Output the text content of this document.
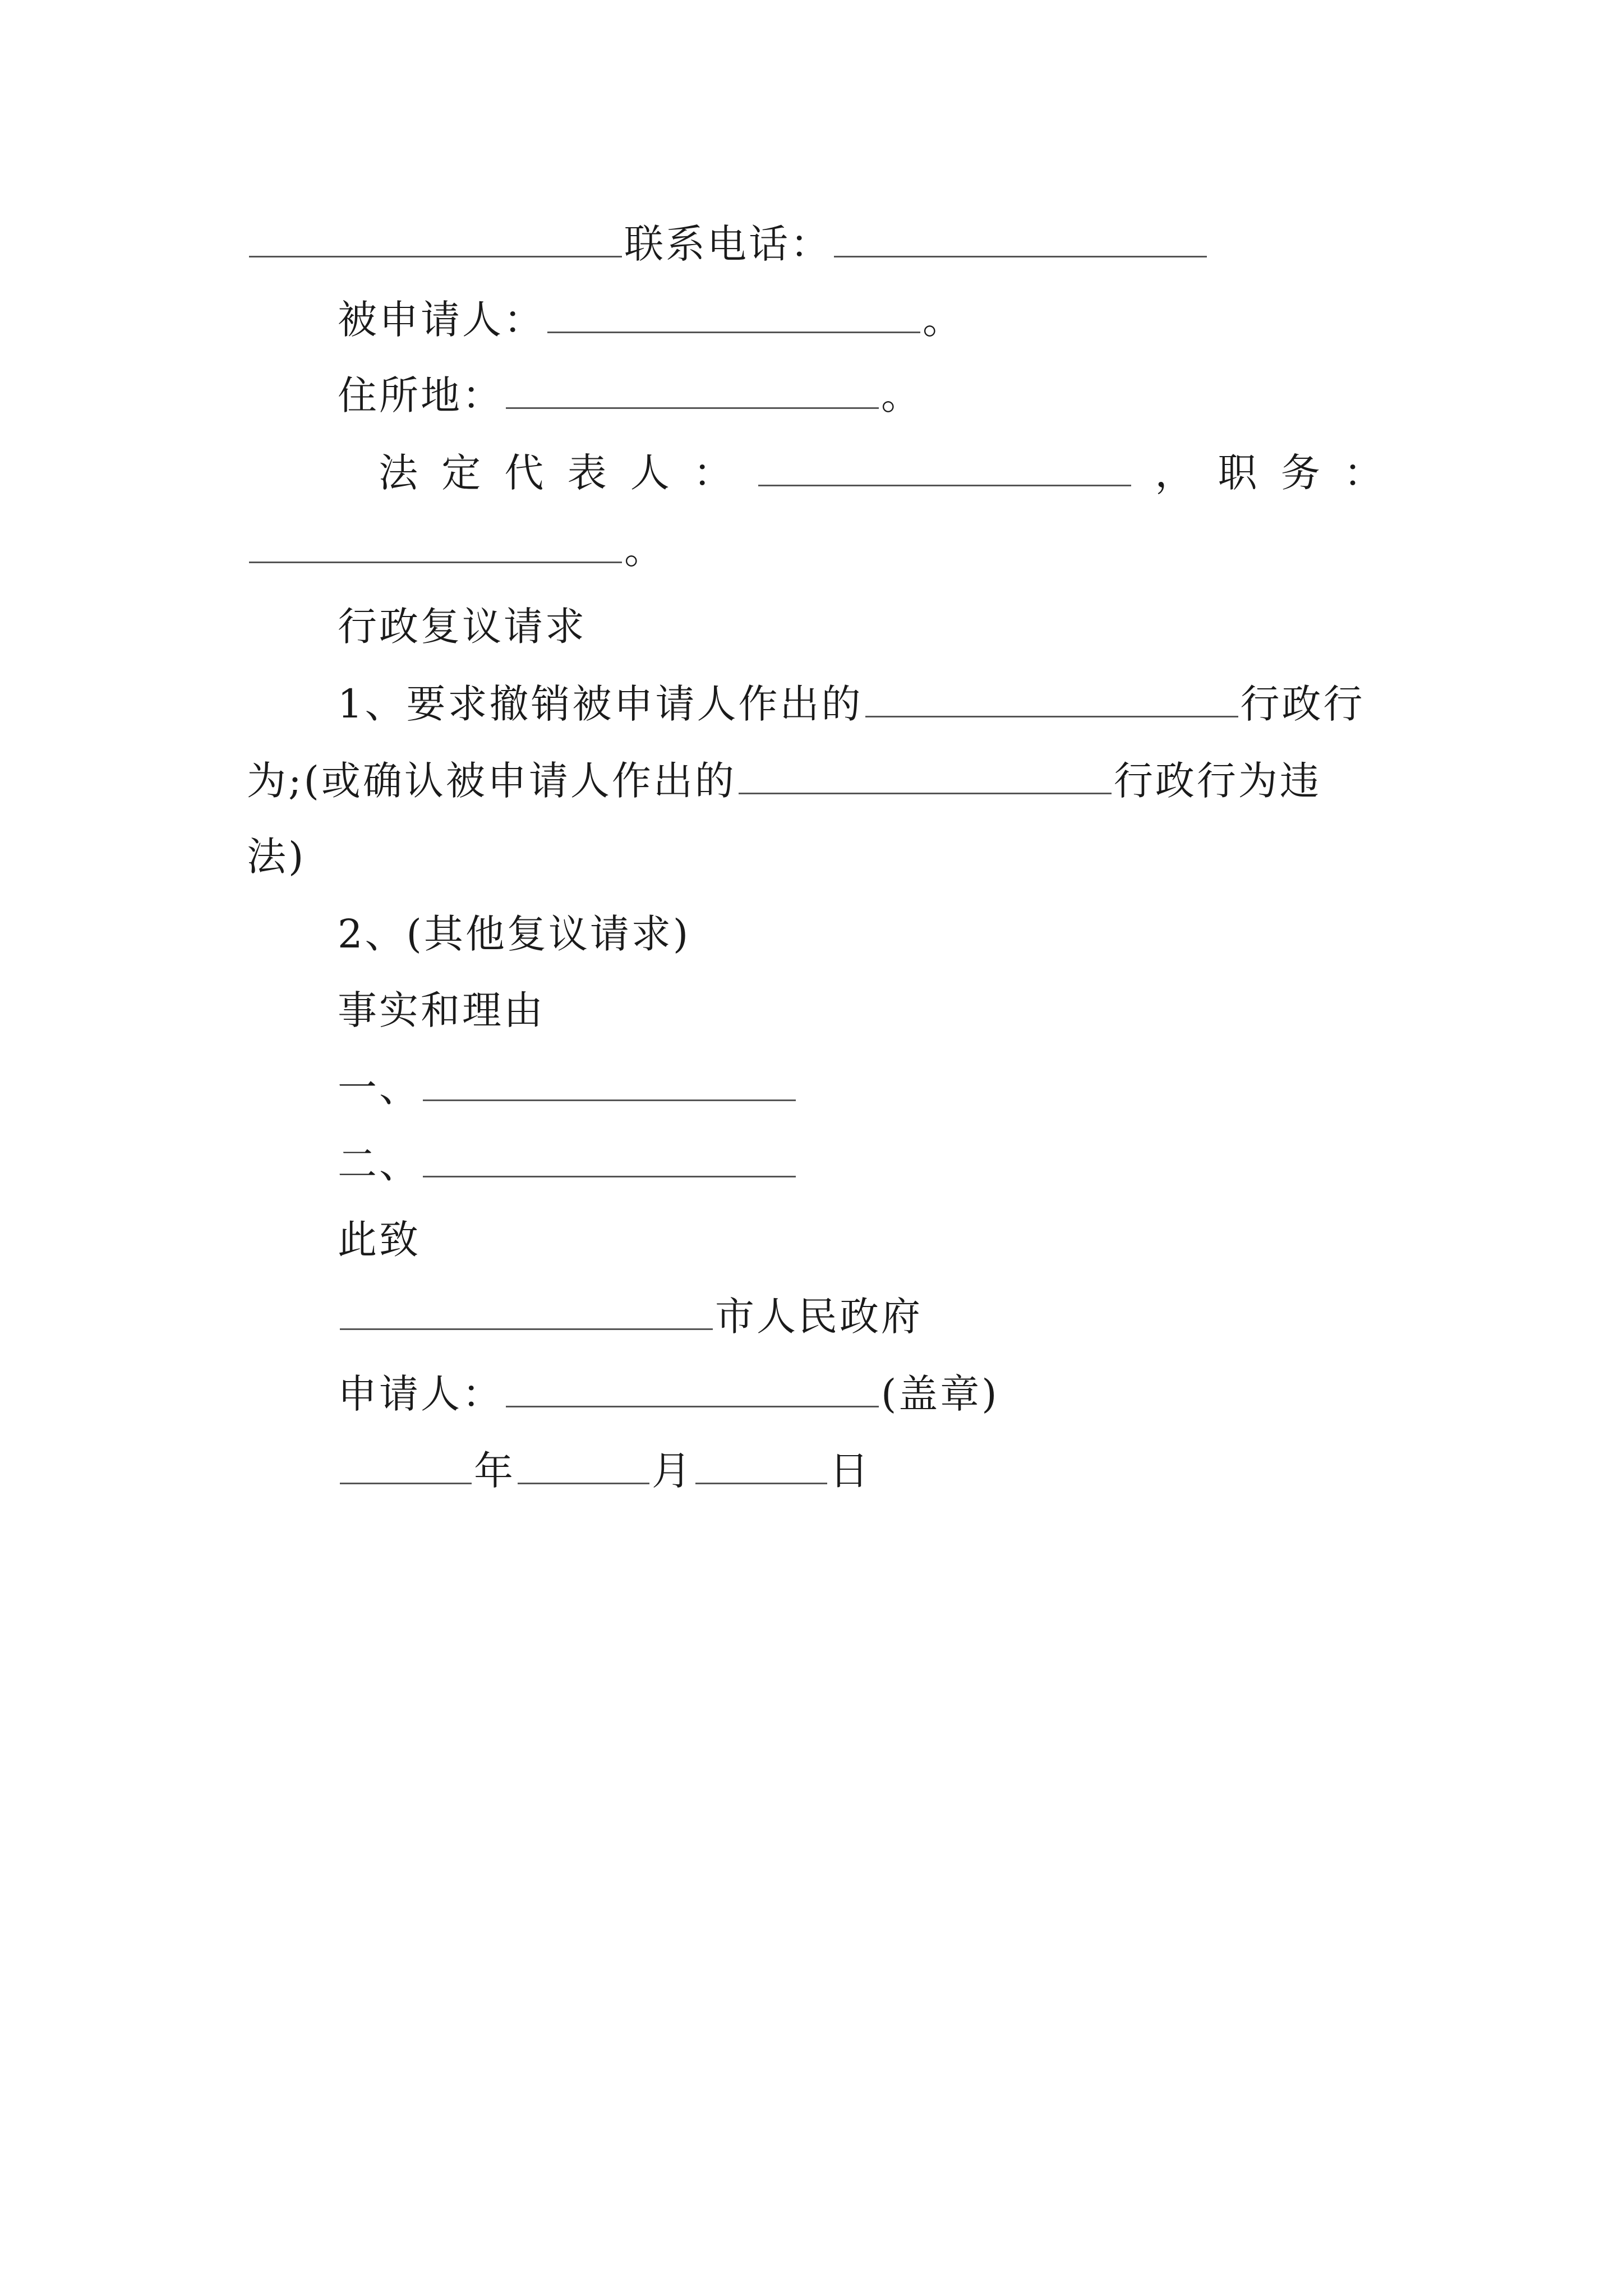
联系电话：
被申请人：	。
住所地：	。
法 定 代 表 人 ：	， 职 务 ：
。
行政复议请求
1、要求撤销被申请人作出的	行政行
为;(或确认被申请人作出的	行政行为违
法)
2、(其他复议请求)
事实和理由
一、
二、
此致
市人民政府
申请人：	(盖章)
年	月	日
